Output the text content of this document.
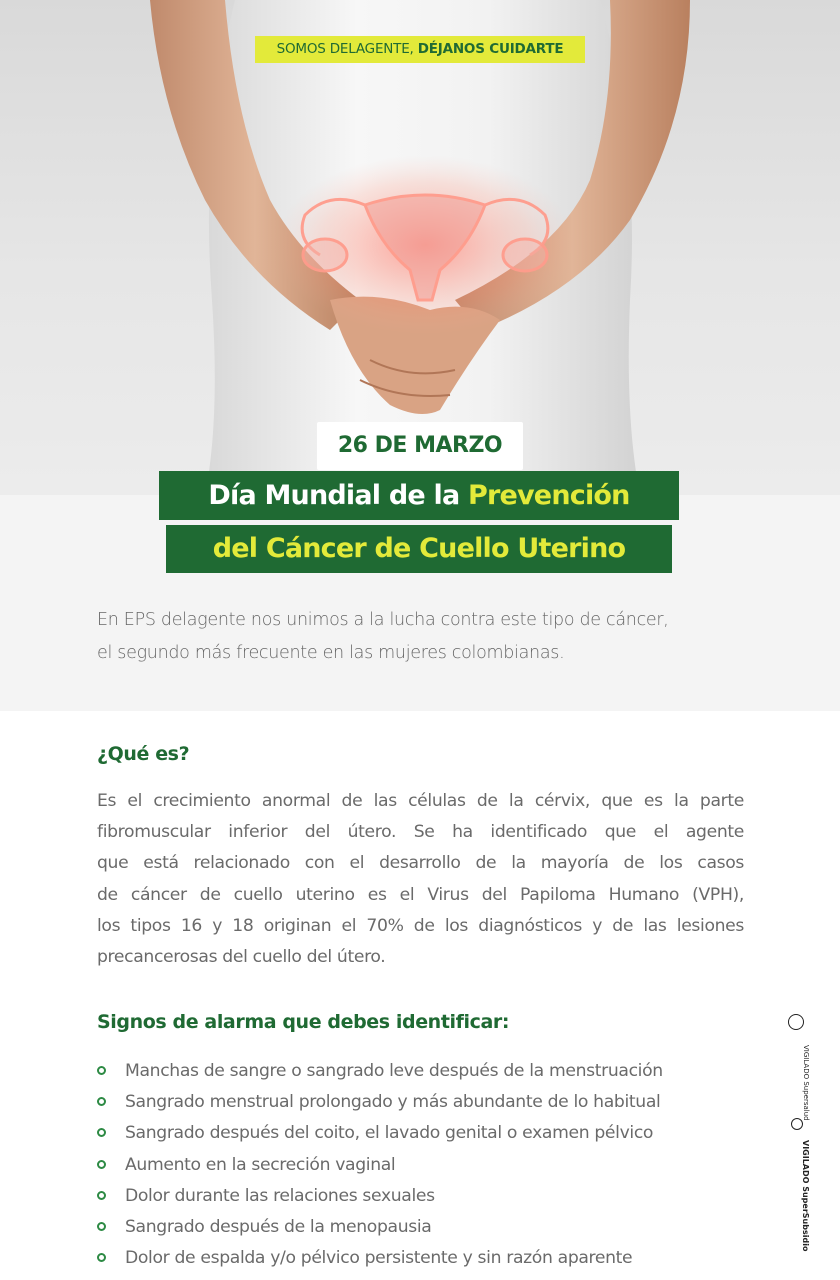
SOMOS DELAGENTE, DÉJANOS CUIDARTE
26 DE MARZO
Día Mundial de la Prevención
del Cáncer de Cuello Uterino
En EPS delagente nos unimos a la lucha contra este tipo de cáncer,
el segundo más frecuente en las mujeres colombianas.
¿Qué es?
Es el crecimiento anormal de las células de la cérvix, que es la parte
fibromuscular inferior del útero. Se ha identificado que el agente
que está relacionado con el desarrollo de la mayoría de los casos
de cáncer de cuello uterino es el Virus del Papiloma Humano (VPH),
los tipos 16 y 18 originan el 70% de los diagnósticos y de las lesiones
precancerosas del cuello del útero.
Signos de alarma que debes identificar:
Manchas de sangre o sangrado leve después de la menstruación
Sangrado menstrual prolongado y más abundante de lo habitual
Sangrado después del coito, el lavado genital o examen pélvico
Aumento en la secreción vaginal
Dolor durante las relaciones sexuales
Sangrado después de la menopausia
Dolor de espalda y/o pélvico persistente y sin razón aparente
VIGILADO Supersalud
VIGILADO SuperSubsidio
